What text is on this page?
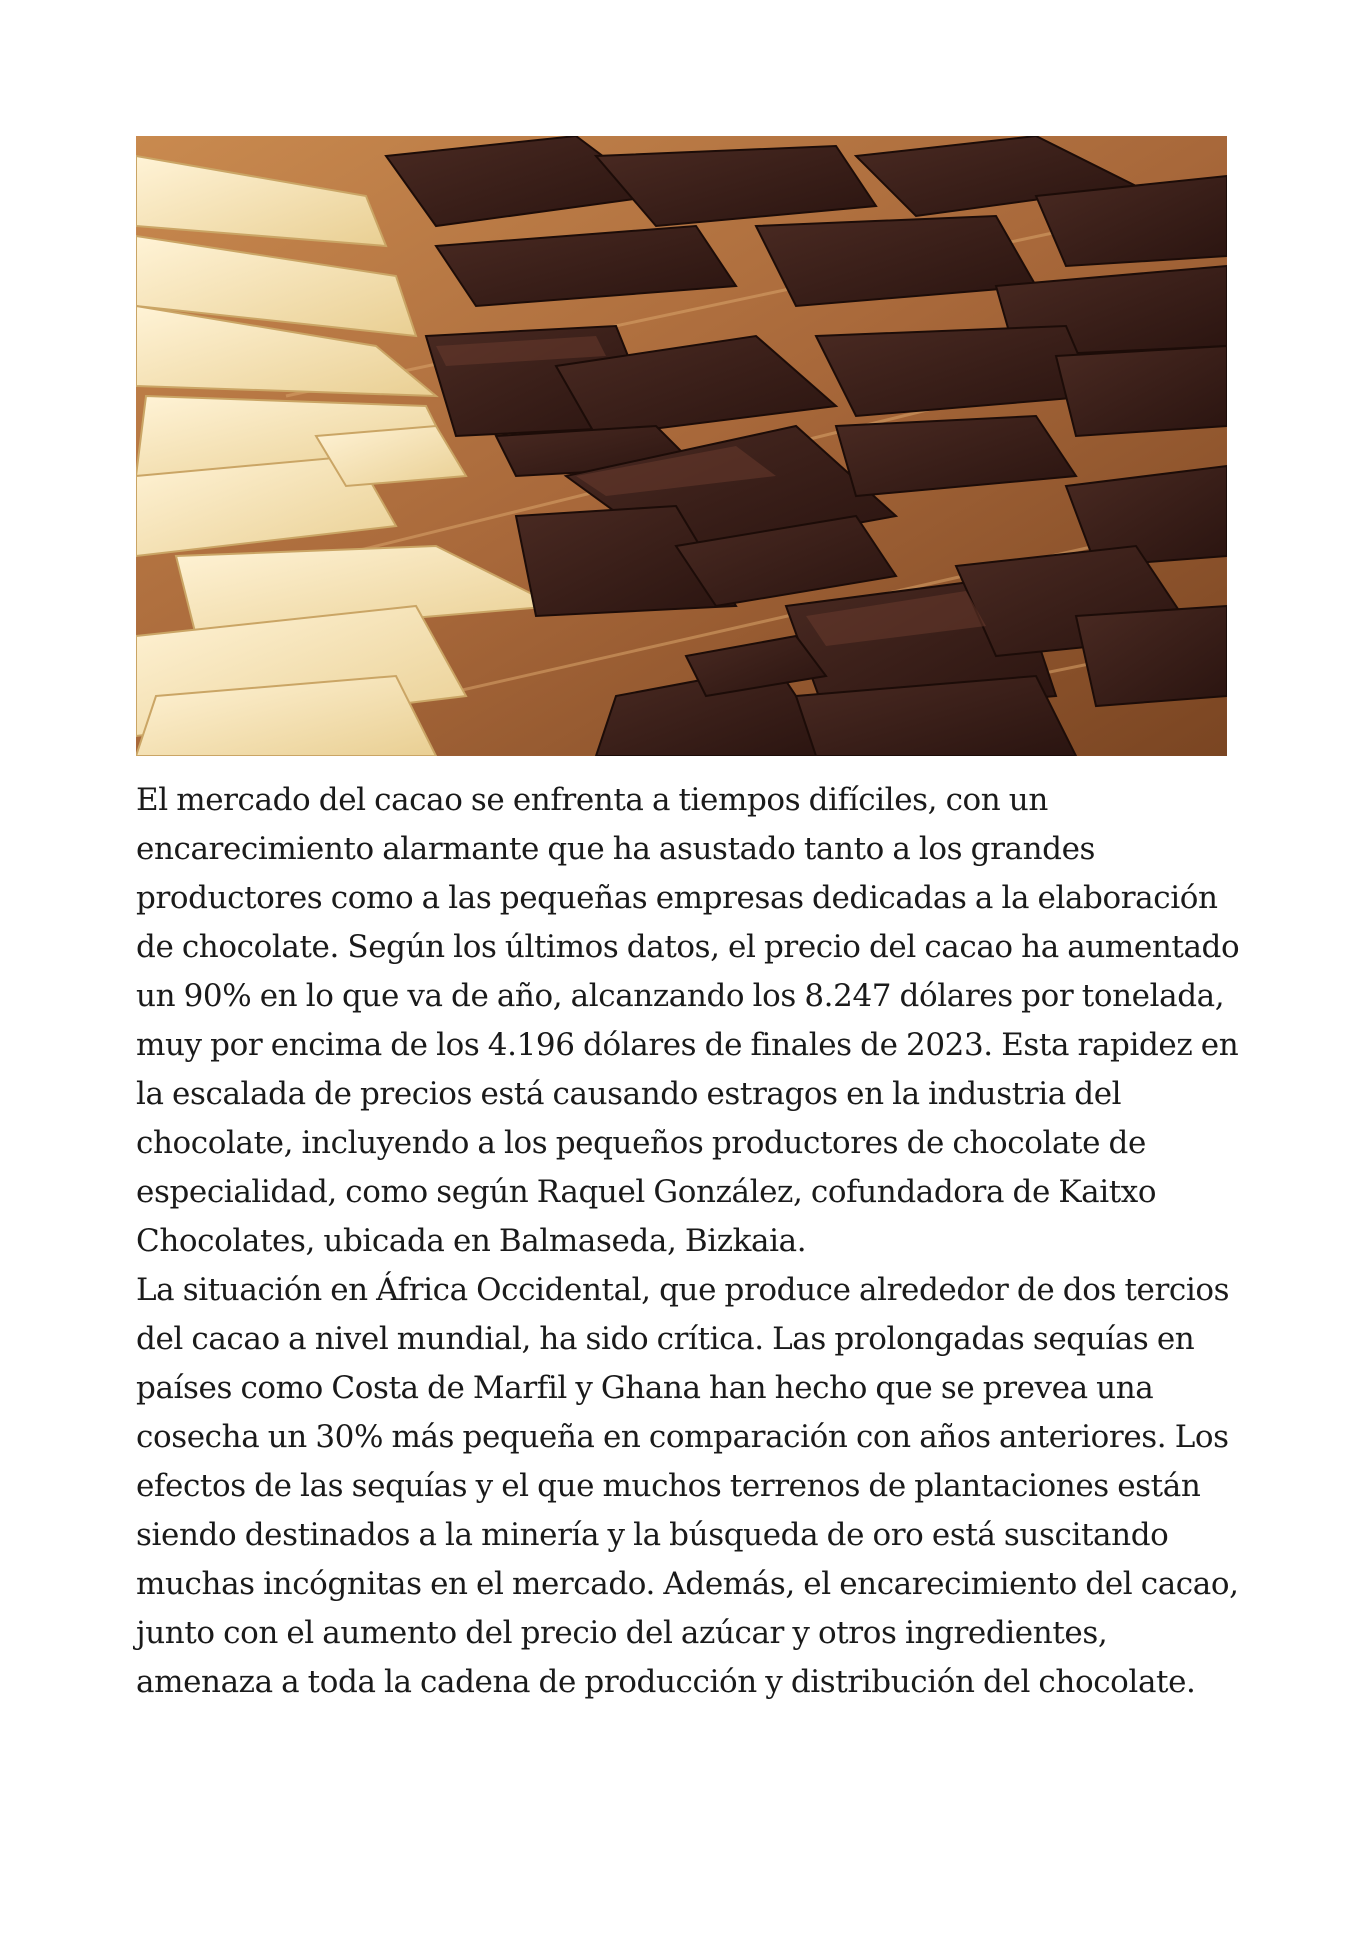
El mercado del cacao se enfrenta a tiempos difíciles, con un encarecimiento alarmante que ha asustado tanto a los grandes productores como a las pequeñas empresas dedicadas a la elaboración de chocolate. Según los últimos datos, el precio del cacao ha aumentado un 90% en lo que va de año, alcanzando los 8.247 dólares por tonelada, muy por encima de los 4.196 dólares de finales de 2023. Esta rapidez en la escalada de precios está causando estragos en la industria del chocolate, incluyendo a los pequeños productores de chocolate de especialidad, como según Raquel González, cofundadora de Kaitxo Chocolates, ubicada en Balmaseda, Bizkaia.

La situación en África Occidental, que produce alrededor de dos tercios del cacao a nivel mundial, ha sido crítica. Las prolongadas sequías en países como Costa de Marfil y Ghana han hecho que se prevea una cosecha un 30% más pequeña en comparación con años anteriores. Los efectos de las sequías y el que muchos terrenos de plantaciones están siendo destinados a la minería y la búsqueda de oro está suscitando muchas incógnitas en el mercado. Además, el encarecimiento del cacao, junto con el aumento del precio del azúcar y otros ingredientes, amenaza a toda la cadena de producción y distribución del chocolate.
